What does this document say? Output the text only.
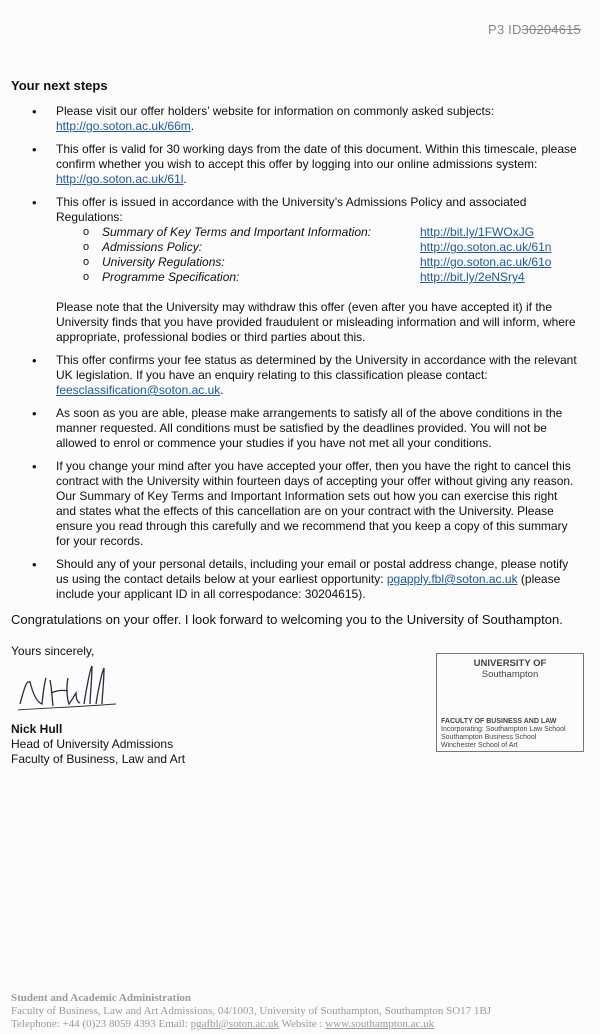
P3 ID30204615
Your next steps
• Please visit our offer holders’ website for information on commonly asked subjects: http://go.soton.ac.uk/66m.
• This offer is valid for 30 working days from the date of this document. Within this timescale, please confirm whether you wish to accept this offer by logging into our online admissions system: http://go.soton.ac.uk/61l.
• This offer is issued in accordance with the University’s Admissions Policy and associated Regulations:
o Summary of Key Terms and Important Information:	http://bit.ly/1FWOxJG
o Admissions Policy:	http://go.soton.ac.uk/61n
o University Regulations:	http://go.soton.ac.uk/61o
o Programme Specification:	http://bit.ly/2eNSry4
Please note that the University may withdraw this offer (even after you have accepted it) if the University finds that you have provided fraudulent or misleading information and will inform, where appropriate, professional bodies or third parties about this.
• This offer confirms your fee status as determined by the University in accordance with the relevant UK legislation. If you have an enquiry relating to this classification please contact: feesclassification@soton.ac.uk.
• As soon as you are able, please make arrangements to satisfy all of the above conditions in the manner requested. All conditions must be satisfied by the deadlines provided. You will not be allowed to enrol or commence your studies if you have not met all your conditions.
• If you change your mind after you have accepted your offer, then you have the right to cancel this contract with the University within fourteen days of accepting your offer without giving any reason. Our Summary of Key Terms and Important Information sets out how you can exercise this right and states what the effects of this cancellation are on your contract with the University. Please ensure you read through this carefully and we recommend that you keep a copy of this summary for your records.
• Should any of your personal details, including your email or postal address change, please notify us using the contact details below at your earliest opportunity: pgapply.fbl@soton.ac.uk (please include your applicant ID in all correspodance: 30204615).

Congratulations on your offer. I look forward to welcoming you to the University of Southampton.

Yours sincerely,
Nick Hull
Head of University Admissions
Faculty of Business, Law and Art
UNIVERSITY OF
Southampton
FACULTY OF BUSINESS AND LAW
Incorporating: Southampton Law School
Southampton Business School
Winchester School of Art
Student and Academic Administration
Faculty of Business, Law and Art Admissions, 04/1003, University of Southampton, Southampton SO17 1BJ
Telephone: +44 (0)23 8059 4393 Email: pgafbl@soton.ac.uk Website : www.southampton.ac.uk
